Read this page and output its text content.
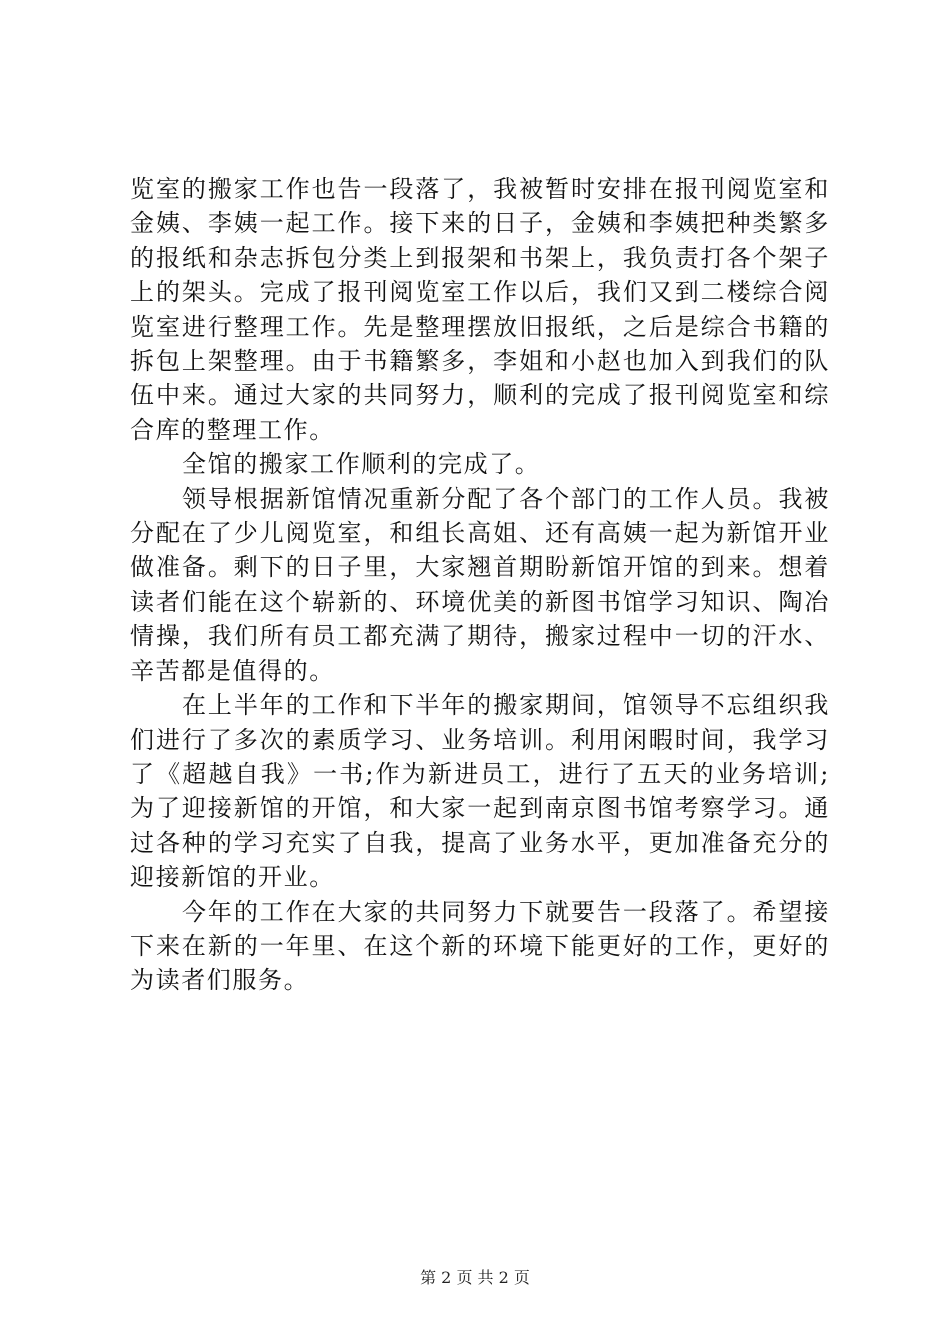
览室的搬家工作也告一段落了，我被暂时安排在报刊阅览室和金姨、李姨一起工作。接下来的日子，金姨和李姨把种类繁多的报纸和杂志拆包分类上到报架和书架上，我负责打各个架子上的架头。完成了报刊阅览室工作以后，我们又到二楼综合阅览室进行整理工作。先是整理摆放旧报纸，之后是综合书籍的拆包上架整理。由于书籍繁多，李姐和小赵也加入到我们的队伍中来。通过大家的共同努力，顺利的完成了报刊阅览室和综合库的整理工作。

全馆的搬家工作顺利的完成了。

领导根据新馆情况重新分配了各个部门的工作人员。我被分配在了少儿阅览室，和组长高姐、还有高姨一起为新馆开业做准备。剩下的日子里，大家翘首期盼新馆开馆的到来。想着读者们能在这个崭新的、环境优美的新图书馆学习知识、陶冶情操，我们所有员工都充满了期待，搬家过程中一切的汗水、辛苦都是值得的。

在上半年的工作和下半年的搬家期间，馆领导不忘组织我们进行了多次的素质学习、业务培训。利用闲暇时间，我学习了《超越自我》一书;作为新进员工，进行了五天的业务培训;为了迎接新馆的开馆，和大家一起到南京图书馆考察学习。通过各种的学习充实了自我，提高了业务水平，更加准备充分的迎接新馆的开业。

今年的工作在大家的共同努力下就要告一段落了。希望接下来在新的一年里、在这个新的环境下能更好的工作，更好的为读者们服务。

第 2 页 共 2 页
